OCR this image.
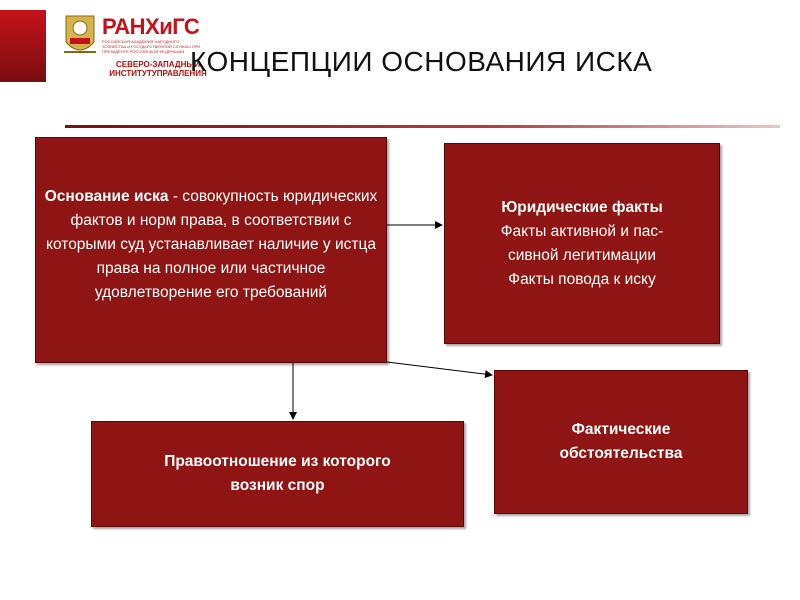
РАНХиГС
РОССИЙСКАЯ АКАДЕМИЯ НАРОДНОГО ХОЗЯЙСТВА И ГОСУДАРСТВЕННОЙ СЛУЖБЫ ПРИ ПРЕЗИДЕНТЕ РОССИЙСКОЙ ФЕДЕРАЦИИ
СЕВЕРО-ЗАПАДНЫЙ
ИНСТИТУТУПРАВЛЕНИЯ
КОНЦЕПЦИИ ОСНОВАНИЯ ИСКА
Основание иска - совокупность юридических фактов и норм права, в соответствии с которыми суд устанавливает наличие у истца права на полное или частичное удовлетворение его требований
Юридические факты
Факты активной и пас-
сивной легитимации
Факты повода к иску
Фактические
обстоятельства
Правоотношение из которого
возник спор
